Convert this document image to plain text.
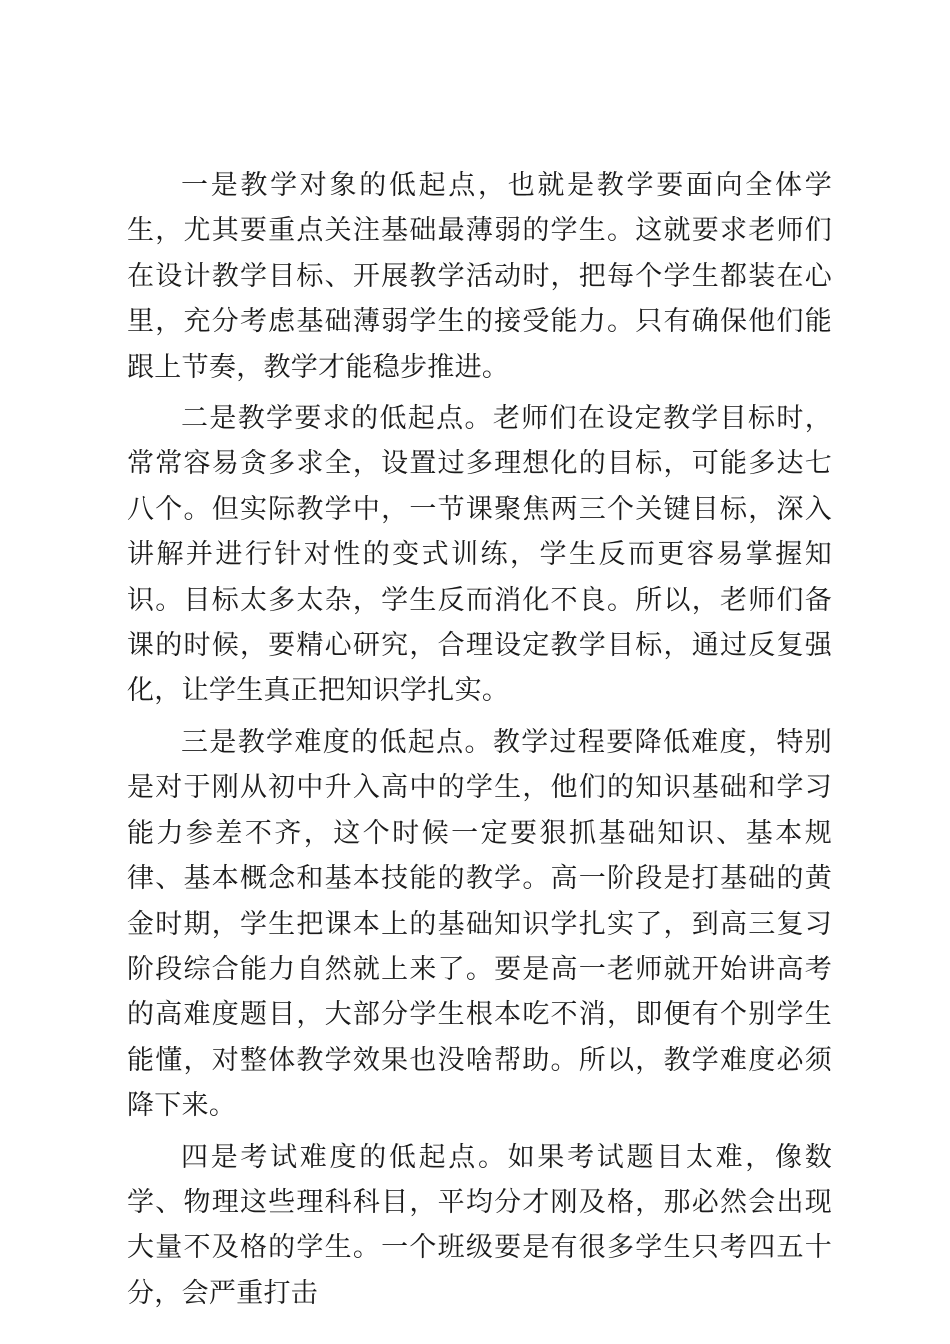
一是教学对象的低起点，也就是教学要面向全体学生，尤其要重点关注基础最薄弱的学生。这就要求老师们在设计教学目标、开展教学活动时，把每个学生都装在心里，充分考虑基础薄弱学生的接受能力。只有确保他们能跟上节奏，教学才能稳步推进。

二是教学要求的低起点。老师们在设定教学目标时，常常容易贪多求全，设置过多理想化的目标，可能多达七八个。但实际教学中，一节课聚焦两三个关键目标，深入讲解并进行针对性的变式训练，学生反而更容易掌握知识。目标太多太杂，学生反而消化不良。所以，老师们备课的时候，要精心研究，合理设定教学目标，通过反复强化，让学生真正把知识学扎实。

三是教学难度的低起点。教学过程要降低难度，特别是对于刚从初中升入高中的学生，他们的知识基础和学习能力参差不齐，这个时候一定要狠抓基础知识、基本规律、基本概念和基本技能的教学。高一阶段是打基础的黄金时期，学生把课本上的基础知识学扎实了，到高三复习阶段综合能力自然就上来了。要是高一老师就开始讲高考的高难度题目，大部分学生根本吃不消，即便有个别学生能懂，对整体教学效果也没啥帮助。所以，教学难度必须降下来。

四是考试难度的低起点。如果考试题目太难，像数学、物理这些理科科目，平均分才刚及格，那必然会出现大量不及格的学生。一个班级要是有很多学生只考四五十分，会严重打击
